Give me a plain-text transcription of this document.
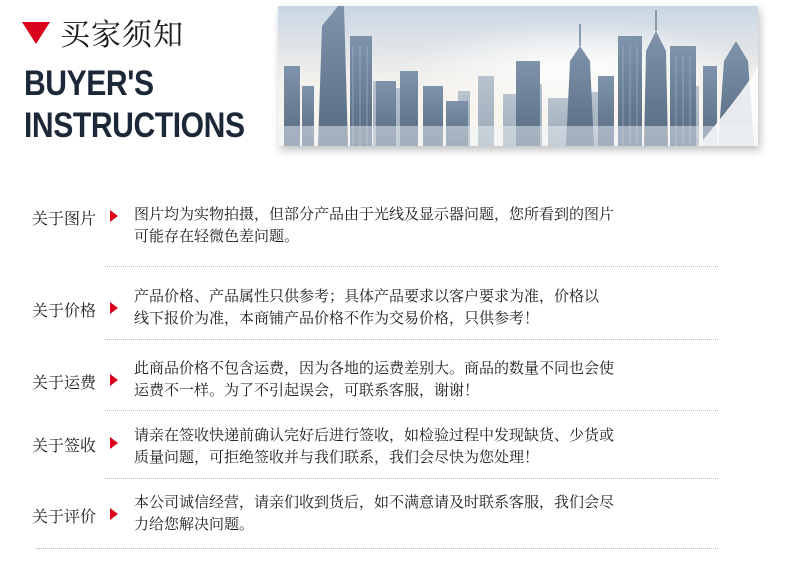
买家须知
BUYER'S
INSTRUCTIONS
关于图片	图片均为实物拍摄，但部分产品由于光线及显示器问题，您所看到的图片
可能存在轻微色差问题。
关于价格
产品价格、产品属性只供参考；具体产品要求以客户要求为准，价格以
线下报价为准，本商铺产品价格不作为交易价格，只供参考！
关于运费
此商品价格不包含运费，因为各地的运费差别大。商品的数量不同也会使
运费不一样。为了不引起误会，可联系客服，谢谢！
关于签收
请亲在签收快递前确认完好后进行签收，如检验过程中发现缺货、少货或
质量问题，可拒绝签收并与我们联系，我们会尽快为您处理！
关于评价
本公司诚信经营，请亲们收到货后，如不满意请及时联系客服，我们会尽
力给您解决问题。
